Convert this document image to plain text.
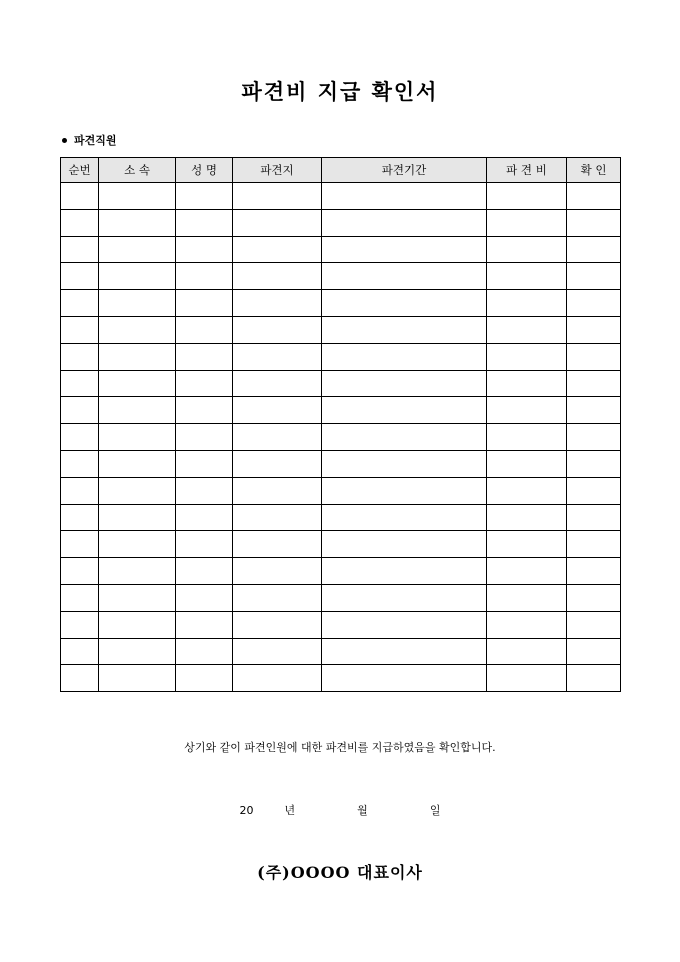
파견비 지급 확인서
파견직원
순번	소 속	성 명	파견지	파견기간	파 견 비	확 인

상기와 같이 파견인원에 대한 파견비를 지급하였음을 확인합니다.
20	년	월	일
(주)OOOO 대표이사
